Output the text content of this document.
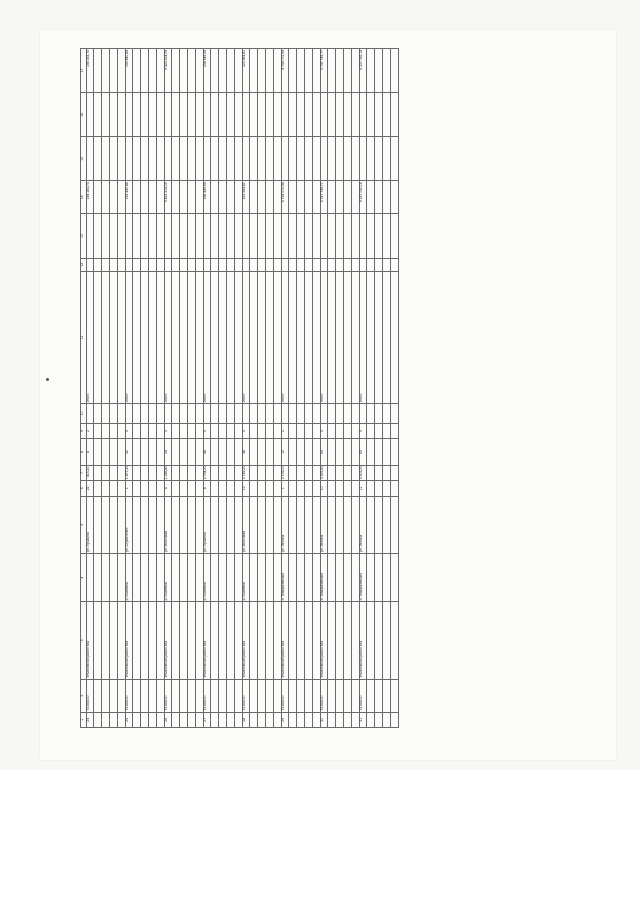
1	2	3	4	5	6	7	8	9	10	11	12	13	14	15	16	17
24	73164000	Ульяновский район МО		ул. Пушкина	22	415,20	8	2		итого			194 163,73			194 163,73

25	73164000	Ульяновский район МО	р. Ишеевка	ул. Строителей	1	1 877,30	32	5		итого			193 440,84			193 440,84

26	73164000	Ульяновский район МО	р. Ишеевка	ул. Мостовая	4	1 285,80	24	3		итого			9 423 314,09			9 423 314,09

27	73164000	Ульяновский район МО	р. Ишеевка	ул. Пушкина	8	2 754,20	48	5		итого			238 449,54			238 449,54

28	73164000	Ульяновский район МО	р. Ишеевка	ул. Мостовая	13	2 749,20	48	5		итого			223 564,81			223 564,81

29	73164000	Ульяновский район МО	п. Тимирязевский	ул. Ленина	1	2 176,00	12	2		итого			4 794 072,94			4 794 072,94

30	73164000	Ульяновский район МО	п. Тимирязевский	ул. Ленина	10	3 476,60	63	5		итого			5 747 749,77			5 747 749,77

31	73164000	Ульяновский район МО	п. Тимирязевский	ул. Ленина	11	3 403,20	63	5		итого			9 237 092,14			9 237 092,14
